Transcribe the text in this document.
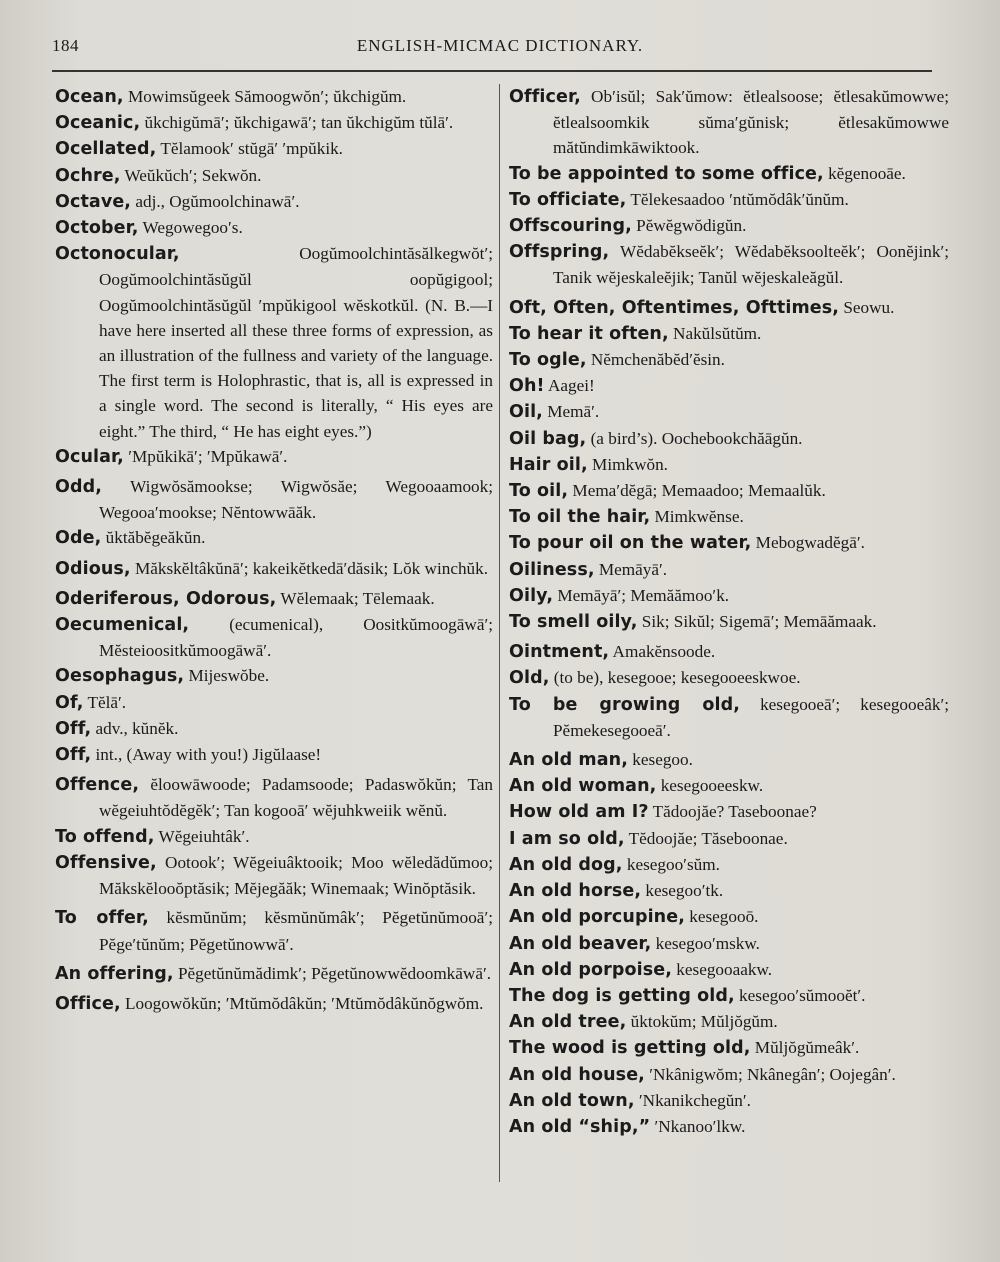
184	ENGLISH-MICMAC DICTIONARY.

Ocean, Mowimsŭgeek Sămoogwŏn′; ŭkchigŭm.

Oceanic, ŭkchigŭmā′; ŭkchigawā′; tan ŭkchigŭm tŭlā′.

Ocellated, Tĕlamook′ stŭgā′ ′mpŭkik.

Ochre, Weŭkŭch′; Sekwŏn.

Octave, adj., Ogŭmoolchinawā′.

October, Wegowegoo′s.

Octonocular, Oogŭmoolchintăsălkegwŏt′; Oogŭmoolchintăsŭgŭl oopŭgigool; Oogŭmoolchintăsŭgŭl ′mpŭkigool wĕskotkŭl. (N. B.—I have here inserted all these three forms of expression, as an illustration of the fullness and variety of the language. The first term is Holophrastic, that is, all is expressed in a single word. The second is literally, “ His eyes are eight.” The third, “ He has eight eyes.”)

Ocular, ′Mpŭkikā′; ′Mpŭkawā′.

Odd, Wigwŏsămookse; Wigwŏsăe; Wegooaamook; Wegooa′mookse; Nĕntowwāăk.

Ode, ŭktăbĕgeăkŭn.

Odious, Măkskĕltâkŭnā′; kakeikĕtkedā′dăsik; Lŏk winchŭk.

Oderiferous, Odorous, Wĕlemaak; Tēlemaak.

Oecumenical, (ecumenical), Oositkŭmoogāwā′; Mĕsteioositkŭmoogāwā′.

Oesophagus, Mijeswŏbe.

Of, Tĕlā′.

Off, adv., kŭnĕk.

Off, int., (Away with you!) Jigŭlaase!

Offence, ĕloowāwoode; Padamsoode; Padaswŏkŭn; Tan wĕgeiuhtŏdĕgĕk′; Tan kogooā′ wĕjuhkweiik wĕnŭ.

To offend, Wĕgeiuhtâk′.

Offensive, Ootook′; Wĕgeiuâktooik; Moo wĕledădŭmoo; Măkskĕlooŏptăsik; Mĕjegăăk; Winemaak; Winŏptăsik.

To offer, kĕsmŭnŭm; kĕsmŭnŭmâk′; Pĕgetŭnŭmooā′; Pĕge′tŭnŭm; Pĕgetŭnowwā′.

An offering, Pĕgetŭnŭmădimk′; Pĕgetŭnowwĕdoomkāwā′.

Office, Loogowŏkŭn; ′Mtŭmŏdâkŭn; ′Mtŭmŏdâkŭnŏgwŏm.

Officer, Ob′isŭl; Sak′ŭmow: ĕtlealsoose; ĕtlesakŭmowwe; ĕtlealsoomkik sŭma′gŭnisk; ĕtlesakŭmowwe mătŭndimkāwiktook.

To be appointed to some office, kĕgenooāe.

To officiate, Tĕlekesaadoo ′ntŭmŏdâk′ŭnŭm.

Offscouring, Pĕwĕgwŏdigŭn.

Offspring, Wĕdabĕkseĕk′; Wĕdabĕksoolteĕk′; Oonĕjink′; Tanik wĕjeskaleĕjik; Tanŭl wĕjeskaleăgŭl.

Oft, Often, Oftentimes, Ofttimes, Seowu.

To hear it often, Nakŭlsŭtŭm.

To ogle, Nĕmchenăbĕd′ĕsin.

Oh! Aagei!

Oil, Memā′.

Oil bag, (a bird’s). Oochebookchăāgŭn.

Hair oil, Mimkwŏn.

To oil, Mema′dĕgā; Memaadoo; Memaalŭk.

To oil the hair, Mimkwĕnse.

To pour oil on the water, Mebogwadĕgā′.

Oiliness, Memāyā′.

Oily, Memāyā′; Memăămoo′k.

To smell oily, Sik; Sikŭl; Sigemā′; Memāămaak.

Ointment, Amakĕnsoode.

Old, (to be), kesegooe; kesegooeeskwoe.

To be growing old, kesegooeā′; kesegooeâk′; Pĕmekesegooeā′.

An old man, kesegoo.

An old woman, kesegooeeskw.

How old am I? Tădoojăe? Taseboonae?

I am so old, Tĕdoojăe; Tăseboonae.

An old dog, kesegoo′sŭm.

An old horse, kesegoo′tk.

An old porcupine, kesegooō.

An old beaver, kesegoo′mskw.

An old porpoise, kesegooaakw.

The dog is getting old, kesegoo′sŭmooĕt′.

An old tree, ŭktokŭm; Mŭljŏgŭm.

The wood is getting old, Mŭljŏgŭmeâk′.

An old house, ′Nkânigwŏm; Nkânegân′; Oojegân′.

An old town, ′Nkanikchegŭn′.

An old “ship,” ′Nkanoo′lkw.
